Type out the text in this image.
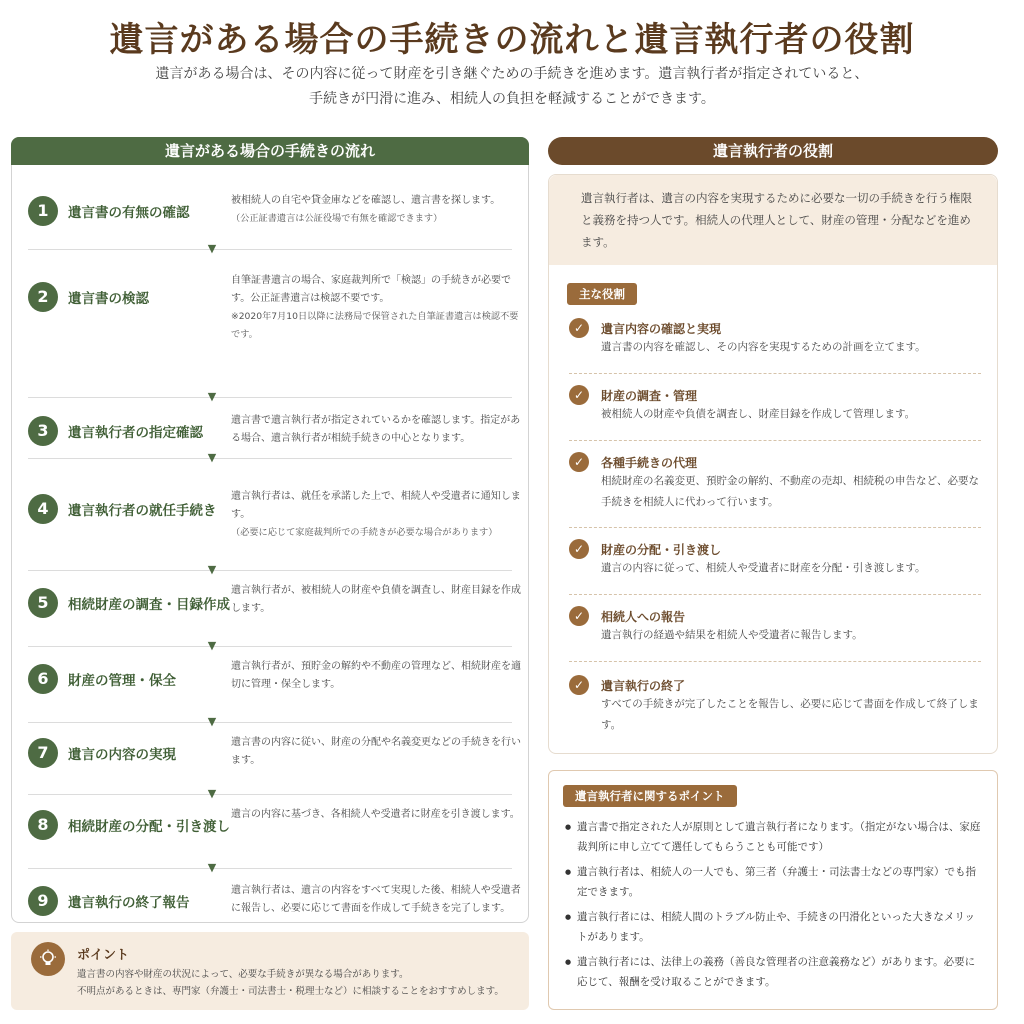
遺言がある場合の手続きの流れと遺言執行者の役割
遺言がある場合は、その内容に従って財産を引き継ぐための手続きを進めます。遺言執行者が指定されていると、
手続きが円滑に進み、相続人の負担を軽減することができます。
遺言がある場合の手続きの流れ
1	遺言書の有無の確認
被相続人の自宅や貸金庫などを確認し、遺言書を探します。
（公正証書遺言は公証役場で有無を確認できます）
▼
2	遺言書の検認
自筆証書遺言の場合、家庭裁判所で「検認」の手続きが必要です。公正証書遺言は検認不要です。
※2020年7月10日以降に法務局で保管された自筆証書遺言は検認不要です。
▼
3	遺言執行者の指定確認
遺言書で遺言執行者が指定されているかを確認します。指定がある場合、遺言執行者が相続手続きの中心となります。
▼
4	遺言執行者の就任手続き
遺言執行者は、就任を承諾した上で、相続人や受遺者に通知します。
（必要に応じて家庭裁判所での手続きが必要な場合があります）
▼
5	相続財産の調査・目録作成
遺言執行者が、被相続人の財産や負債を調査し、財産目録を作成します。
▼
6	財産の管理・保全
遺言執行者が、預貯金の解約や不動産の管理など、相続財産を適切に管理・保全します。
▼
7	遺言の内容の実現
遺言書の内容に従い、財産の分配や名義変更などの手続きを行います。
▼
8	相続財産の分配・引き渡し
遺言の内容に基づき、各相続人や受遺者に財産を引き渡します。
▼
9	遺言執行の終了報告
遺言執行者は、遺言の内容をすべて実現した後、相続人や受遺者に報告し、必要に応じて書面を作成して手続きを完了します。
ポイント
遺言書の内容や財産の状況によって、必要な手続きが異なる場合があります。
不明点があるときは、専門家（弁護士・司法書士・税理士など）に相談することをおすすめします。
遺言執行者の役割
遺言執行者は、遺言の内容を実現するために必要な一切の手続きを行う権限と義務を持つ人です。相続人の代理人として、財産の管理・分配などを進めます。
主な役割
✓	遺言内容の確認と実現
遺言書の内容を確認し、その内容を実現するための計画を立てます。
✓	財産の調査・管理
被相続人の財産や負債を調査し、財産目録を作成して管理します。
✓	各種手続きの代理
相続財産の名義変更、預貯金の解約、不動産の売却、相続税の申告など、必要な手続きを相続人に代わって行います。
✓	財産の分配・引き渡し
遺言の内容に従って、相続人や受遺者に財産を分配・引き渡します。
✓	相続人への報告
遺言執行の経過や結果を相続人や受遺者に報告します。
✓	遺言執行の終了
すべての手続きが完了したことを報告し、必要に応じて書面を作成して終了します。
遺言執行者に関するポイント
● 遺言書で指定された人が原則として遺言執行者になります。（指定がない場合は、家庭裁判所に申し立てて選任してもらうことも可能です）
● 遺言執行者は、相続人の一人でも、第三者（弁護士・司法書士などの専門家）でも指定できます。
● 遺言執行者には、相続人間のトラブル防止や、手続きの円滑化といった大きなメリットがあります。
● 遺言執行者には、法律上の義務（善良な管理者の注意義務など）があります。必要に応じて、報酬を受け取ることができます。
